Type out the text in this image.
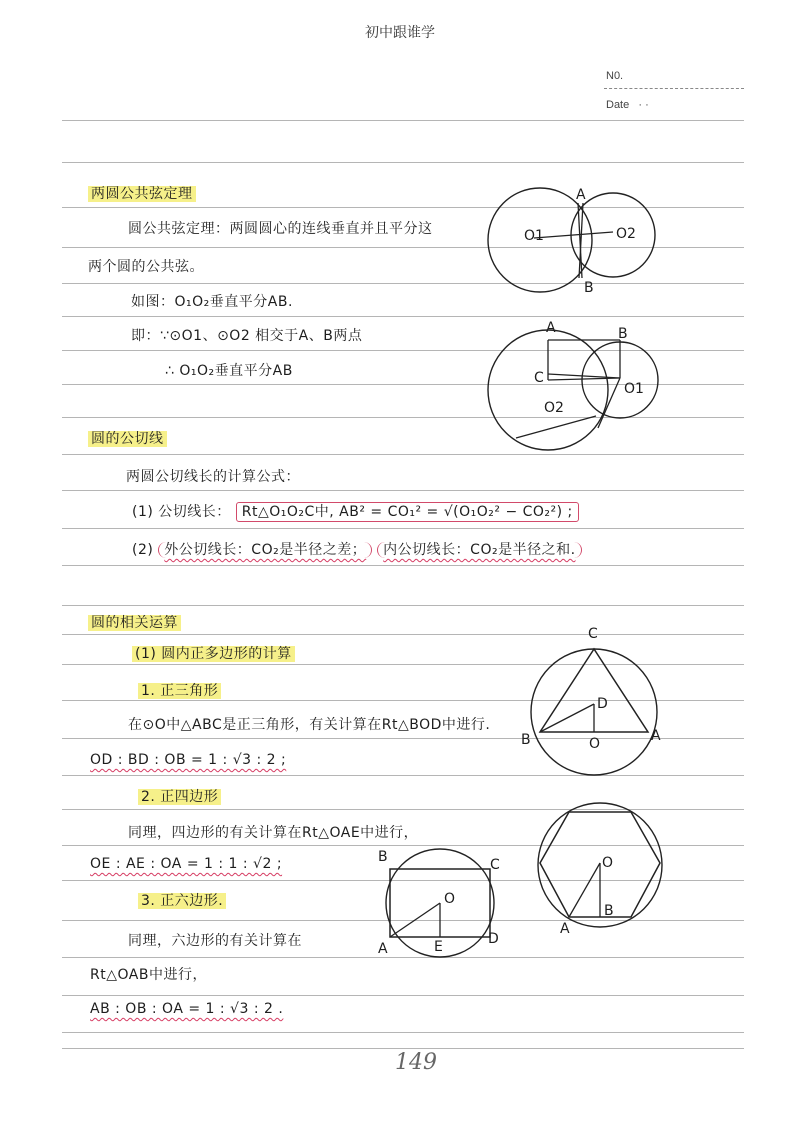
初中跟谁学
N0.
Date · ·
两圆公共弦定理
圆公共弦定理：两圆圆心的连线垂直并且平分这
两个圆的公共弦。
如图：O₁O₂垂直平分AB.
即：∵⊙O1、⊙O2 相交于A、B两点
∴ O₁O₂垂直平分AB
圆的公切线
两圆公切线长的计算公式：
(1) 公切线长： Rt△O₁O₂C中, AB² = CO₁² = √(O₁O₂² − CO₂²) ;
(2) 外公切线长：CO₂是半径之差； 内公切线长：CO₂是半径之和.
圆的相关运算
(1) 圆内正多边形的计算
1. 正三角形
在⊙O中△ABC是正三角形，有关计算在Rt△BOD中进行.
OD : BD : OB = 1 : √3 : 2 ;
2. 正四边形
同理，四边形的有关计算在Rt△OAE中进行，
OE : AE : OA = 1 : 1 : √2 ;
3. 正六边形.
同理，六边形的有关计算在
Rt△OAB中进行，
AB : OB : OA = 1 : √3 : 2 .
A
B
O1	O2
A	B
C
O1
O2
C
B	A
D
O
B	C
A
D
E
O
O
B
A
149
